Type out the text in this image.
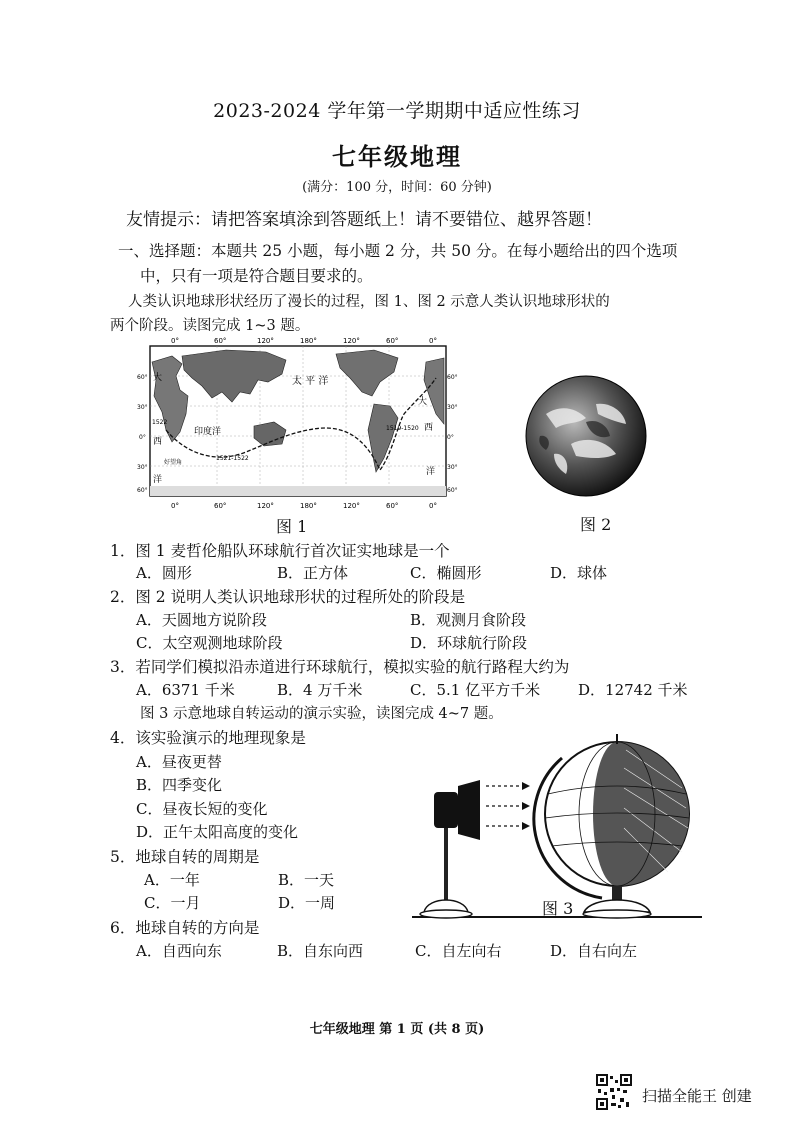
2023-2024 学年第一学期期中适应性练习
七年级地理
(满分：100 分，时间：60 分钟)
友情提示：请把答案填涂到答题纸上！请不要错位、越界答题！
一、选择题：本题共 25 小题，每小题 2 分，共 50 分。在每小题给出的四个选项
中，只有一项是符合题目要求的。
人类认识地球形状经历了漫长的过程，图 1、图 2 示意人类认识地球形状的
两个阶段。读图完成 1~3 题。
0°	60°	120°	180°	120°	60°	0°
太 平 洋
印度洋
大
西
洋
大
西
洋
1521-1522
1519-1520
1522
好望角
60°
30°
0°
30°
60°
60°
30°
0°
30°
60°
0°	60°	120°	180°	120°	60°	0°
图 1	图 2
1．图 1 麦哲伦船队环球航行首次证实地球是一个
A．圆形	B．正方体	C．椭圆形	D．球体
2．图 2 说明人类认识地球形状的过程所处的阶段是
A．天圆地方说阶段	B．观测月食阶段
C．太空观测地球阶段	D．环球航行阶段
3．若同学们模拟沿赤道进行环球航行，模拟实验的航行路程大约为
A．6371 千米	B．4 万千米	C．5.1 亿平方千米	D．12742 千米
图 3 示意地球自转运动的演示实验，读图完成 4~7 题。
4．该实验演示的地理现象是
A．昼夜更替
B．四季变化
C．昼夜长短的变化
D．正午太阳高度的变化
5．地球自转的周期是
A．一年	B．一天
C．一月	D．一周
6．地球自转的方向是
A．自西向东	B．自东向西	C．自左向右	D．自右向左
图 3
七年级地理 第 1 页 (共 8 页)
扫描全能王 创建
